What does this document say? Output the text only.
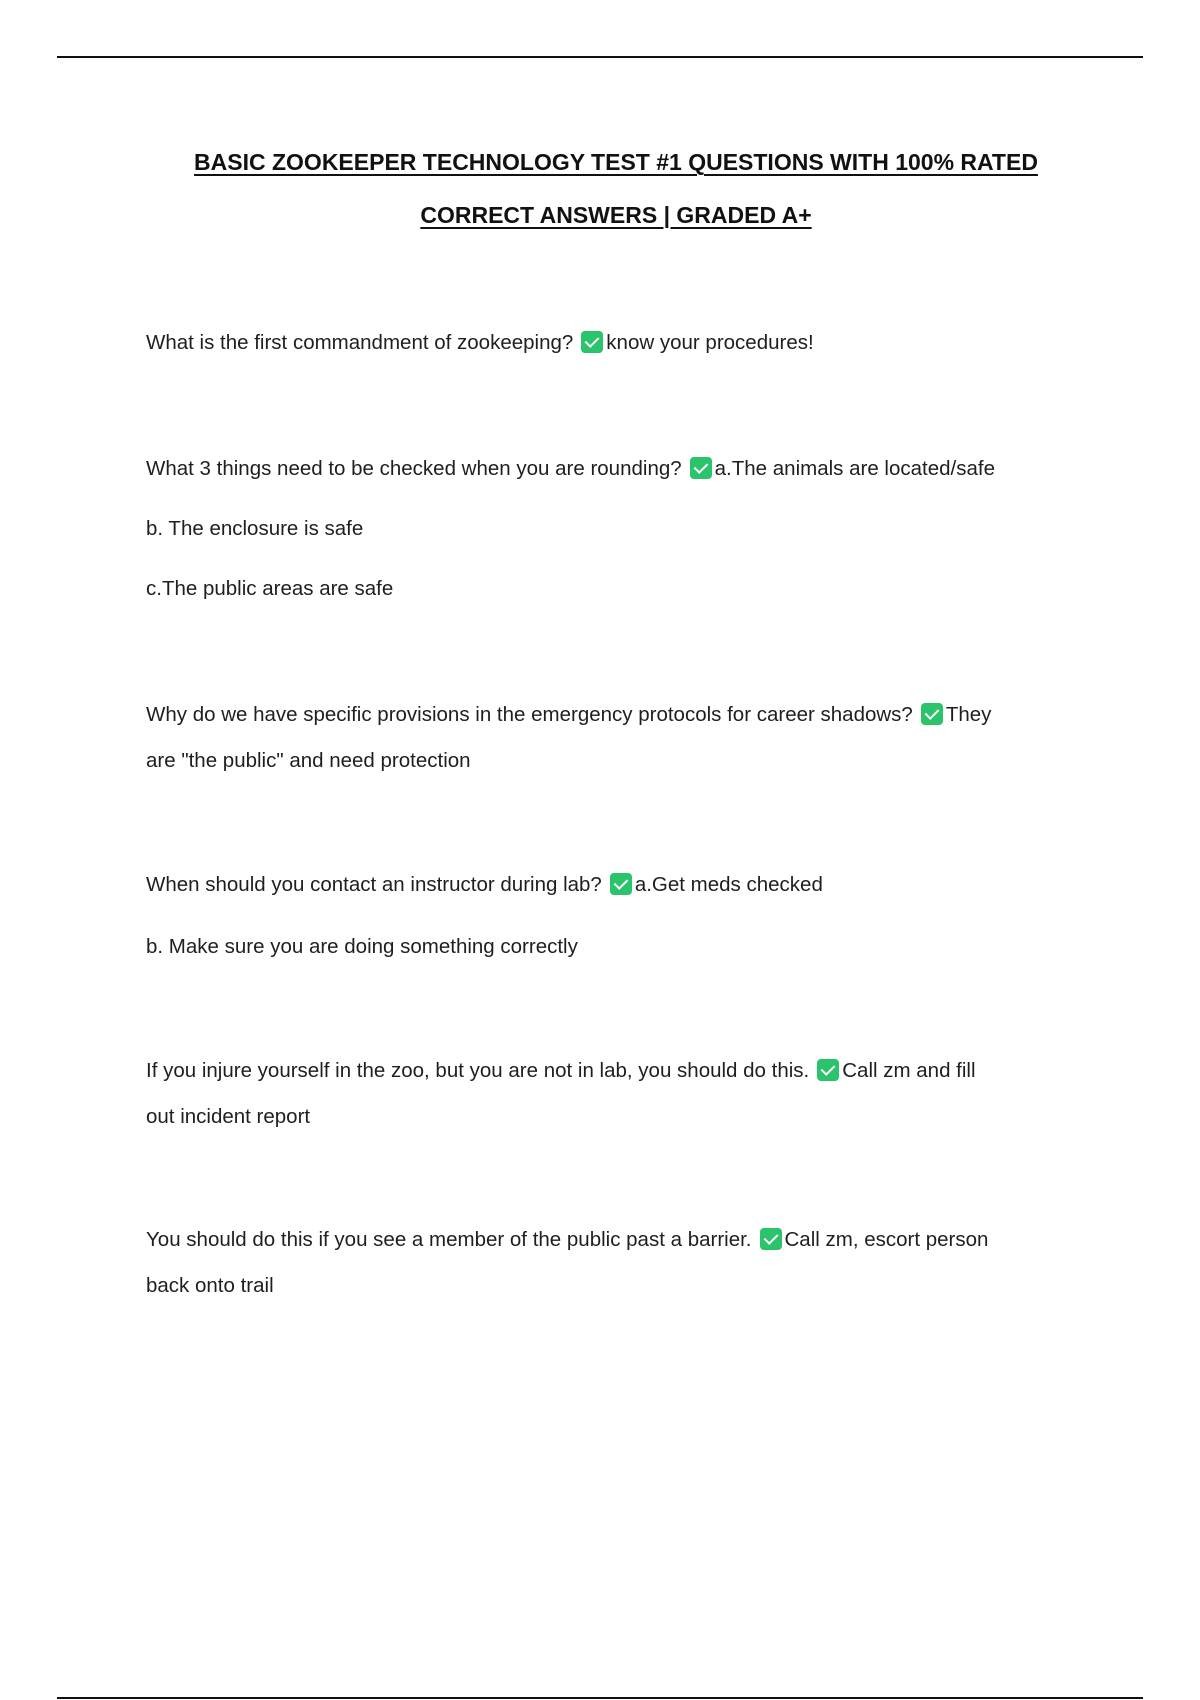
BASIC ZOOKEEPER TECHNOLOGY TEST #1 QUESTIONS WITH 100% RATED
CORRECT ANSWERS | GRADED A+
What is the first commandment of zookeeping? know your procedures!
What 3 things need to be checked when you are rounding? a.The animals are located/safe
b. The enclosure is safe
c.The public areas are safe
Why do we have specific provisions in the emergency protocols for career shadows? They
are "the public" and need protection
When should you contact an instructor during lab? a.Get meds checked
b. Make sure you are doing something correctly
If you injure yourself in the zoo, but you are not in lab, you should do this. Call zm and fill
out incident report
You should do this if you see a member of the public past a barrier. Call zm, escort person
back onto trail
